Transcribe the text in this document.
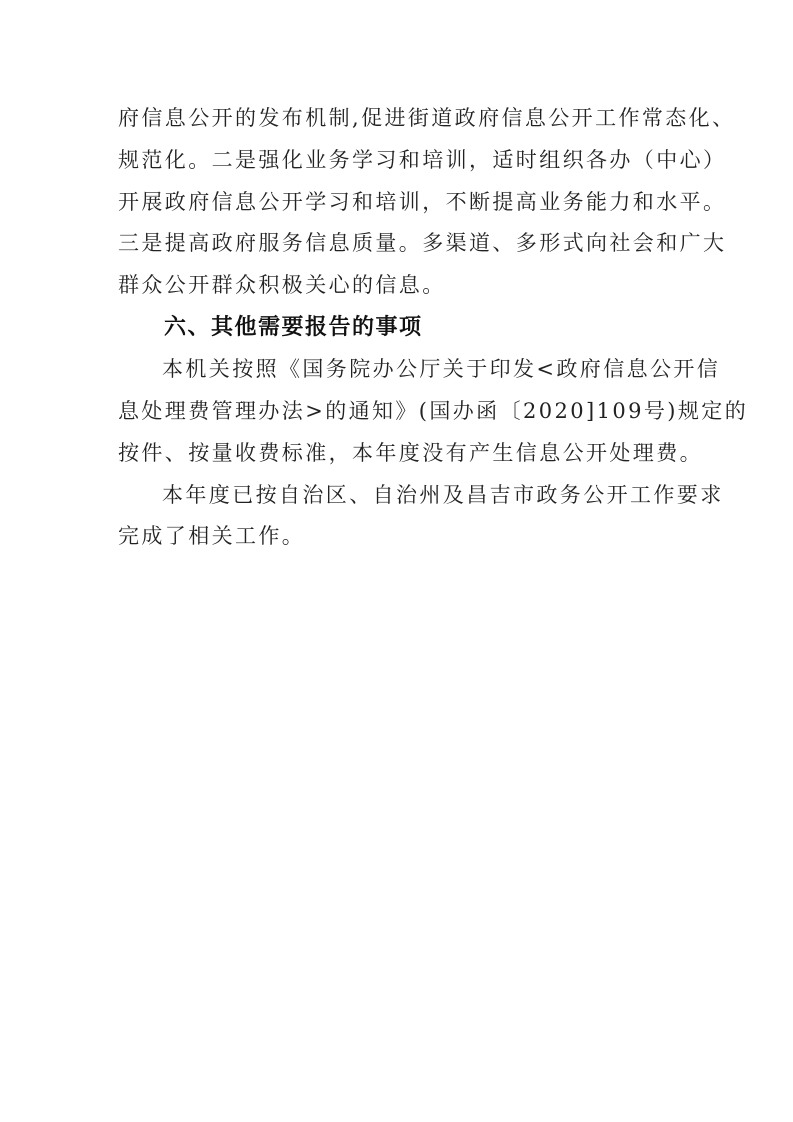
府信息公开的发布机制,促进街道政府信息公开工作常态化、
规范化。二是强化业务学习和培训，适时组织各办（中心）
开展政府信息公开学习和培训，不断提高业务能力和水平。
三是提高政府服务信息质量。多渠道、多形式向社会和广大
群众公开群众积极关心的信息。
六、其他需要报告的事项
本机关按照《国务院办公厅关于印发<政府信息公开信
息处理费管理办法>的通知》(国办函〔2020]109号)规定的
按件、按量收费标准，本年度没有产生信息公开处理费。
本年度已按自治区、自治州及昌吉市政务公开工作要求
完成了相关工作。
